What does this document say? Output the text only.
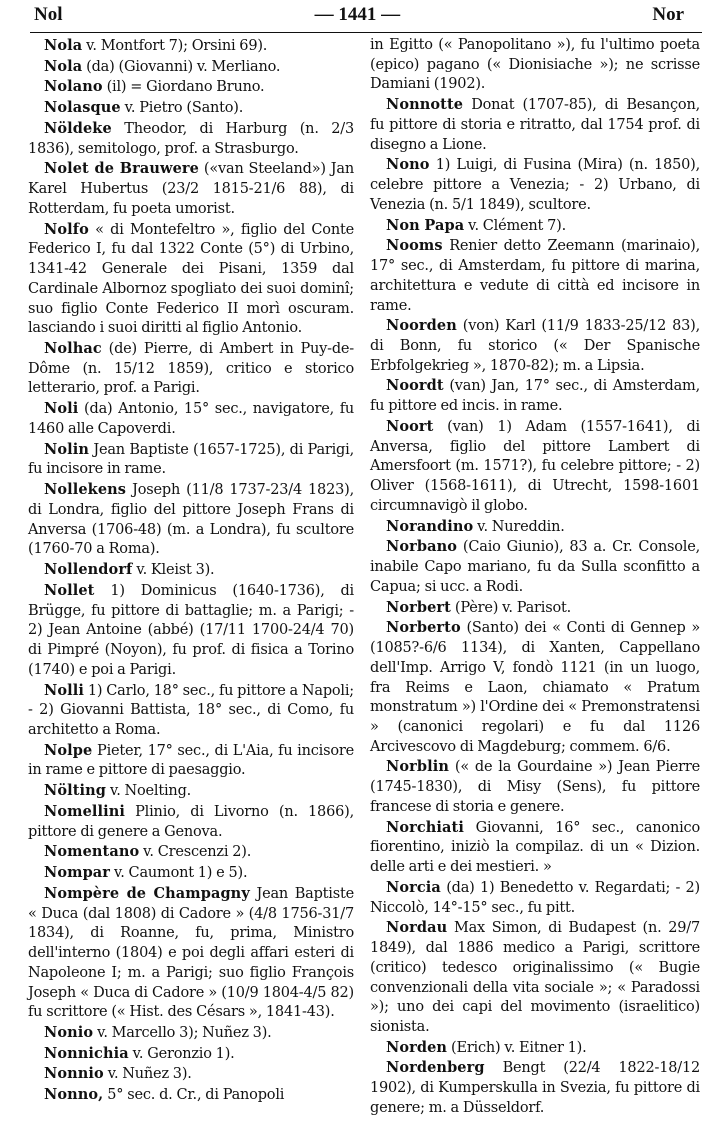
Nol	— 1441 —	Nor

Nola v. Montfort 7); Orsini 69).

Nola (da) (Giovanni) v. Merliano.

Nolano (il) = Giordano Bruno.

Nolasque v. Pietro (Santo).

Nöldeke Theodor, di Harburg (n. 2/3 1836), semitologo, prof. a Strasburgo.

Nolet de Brauwere («van Steeland») Jan Karel Hubertus (23/2 1815-21/6 88), di Rotterdam, fu poeta umorist.

Nolfo « di Montefeltro », figlio del Conte Federico I, fu dal 1322 Conte (5°) di Urbino, 1341-42 Generale dei Pisani, 1359 dal Cardinale Albornoz spogliato dei suoi dominî; suo figlio Conte Federico II morì oscuram. lasciando i suoi diritti al figlio Antonio.

Nolhac (de) Pierre, di Ambert in Puy-de-Dôme (n. 15/12 1859), critico e storico letterario, prof. a Parigi.

Noli (da) Antonio, 15° sec., navigatore, fu 1460 alle Capoverdi.

Nolin Jean Baptiste (1657-1725), di Parigi, fu incisore in rame.

Nollekens Joseph (11/8 1737-23/4 1823), di Londra, figlio del pittore Joseph Frans di Anversa (1706-48) (m. a Londra), fu scultore (1760-70 a Roma).

Nollendorf v. Kleist 3).

Nollet 1) Dominicus (1640-1736), di Brügge, fu pittore di battaglie; m. a Parigi; - 2) Jean Antoine (abbé) (17/11 1700-24/4 70) di Pimpré (Noyon), fu prof. di fisica a Torino (1740) e poi a Parigi.

Nolli 1) Carlo, 18° sec., fu pittore a Napoli; - 2) Giovanni Battista, 18° sec., di Como, fu architetto a Roma.

Nolpe Pieter, 17° sec., di L'Aia, fu incisore in rame e pittore di paesaggio.

Nölting v. Noelting.

Nomellini Plinio, di Livorno (n. 1866), pittore di genere a Genova.

Nomentano v. Crescenzi 2).

Nompar v. Caumont 1) e 5).

Nompère de Champagny Jean Baptiste « Duca (dal 1808) di Cadore » (4/8 1756-31/7 1834), di Roanne, fu, prima, Ministro dell'interno (1804) e poi degli affari esteri di Napoleone I; m. a Parigi; suo figlio François Joseph « Duca di Cadore » (10/9 1804-4/5 82) fu scrittore (« Hist. des Césars », 1841-43).

Nonio v. Marcello 3); Nuñez 3).

Nonnichia v. Geronzio 1).

Nonnio v. Nuñez 3).

Nonno, 5° sec. d. Cr., di Panopoli

in Egitto (« Panopolitano »), fu l'ultimo poeta (epico) pagano (« Dionisiache »); ne scrisse Damiani (1902).

Nonnotte Donat (1707-85), di Besançon, fu pittore di storia e ritratto, dal 1754 prof. di disegno a Lione.

Nono 1) Luigi, di Fusina (Mira) (n. 1850), celebre pittore a Venezia; - 2) Urbano, di Venezia (n. 5/1 1849), scultore.

Non Papa v. Clément 7).

Nooms Renier detto Zeemann (marinaio), 17° sec., di Amsterdam, fu pittore di marina, architettura e vedute di città ed incisore in rame.

Noorden (von) Karl (11/9 1833-25/12 83), di Bonn, fu storico (« Der Spanische Erbfolgekrieg », 1870-82); m. a Lipsia.

Noordt (van) Jan, 17° sec., di Amsterdam, fu pittore ed incis. in rame.

Noort (van) 1) Adam (1557-1641), di Anversa, figlio del pittore Lambert di Amersfoort (m. 1571?), fu celebre pittore; - 2) Oliver (1568-1611), di Utrecht, 1598-1601 circumnavigò il globo.

Norandino v. Nureddin.

Norbano (Caio Giunio), 83 a. Cr. Console, inabile Capo mariano, fu da Sulla sconfitto a Capua; si ucc. a Rodi.

Norbert (Père) v. Parisot.

Norberto (Santo) dei « Conti di Gennep » (1085?-6/6 1134), di Xanten, Cappellano dell'Imp. Arrigo V, fondò 1121 (in un luogo, fra Reims e Laon, chiamato « Pratum monstratum ») l'Ordine dei « Premonstratensi » (canonici regolari) e fu dal 1126 Arcivescovo di Magdeburg; commem. 6/6.

Norblin (« de la Gourdaine ») Jean Pierre (1745-1830), di Misy (Sens), fu pittore francese di storia e genere.

Norchiati Giovanni, 16° sec., canonico fiorentino, iniziò la compilaz. di un « Dizion. delle arti e dei mestieri. »

Norcia (da) 1) Benedetto v. Regardati; - 2) Niccolò, 14°-15° sec., fu pitt.

Nordau Max Simon, di Budapest (n. 29/7 1849), dal 1886 medico a Parigi, scrittore (critico) tedesco originalissimo (« Bugie convenzionali della vita sociale »; « Paradossi »); uno dei capi del movimento (israelitico) sionista.

Norden (Erich) v. Eitner 1).

Nordenberg Bengt (22/4 1822-18/12 1902), di Kumperskulla in Svezia, fu pittore di genere; m. a Düsseldorf.
